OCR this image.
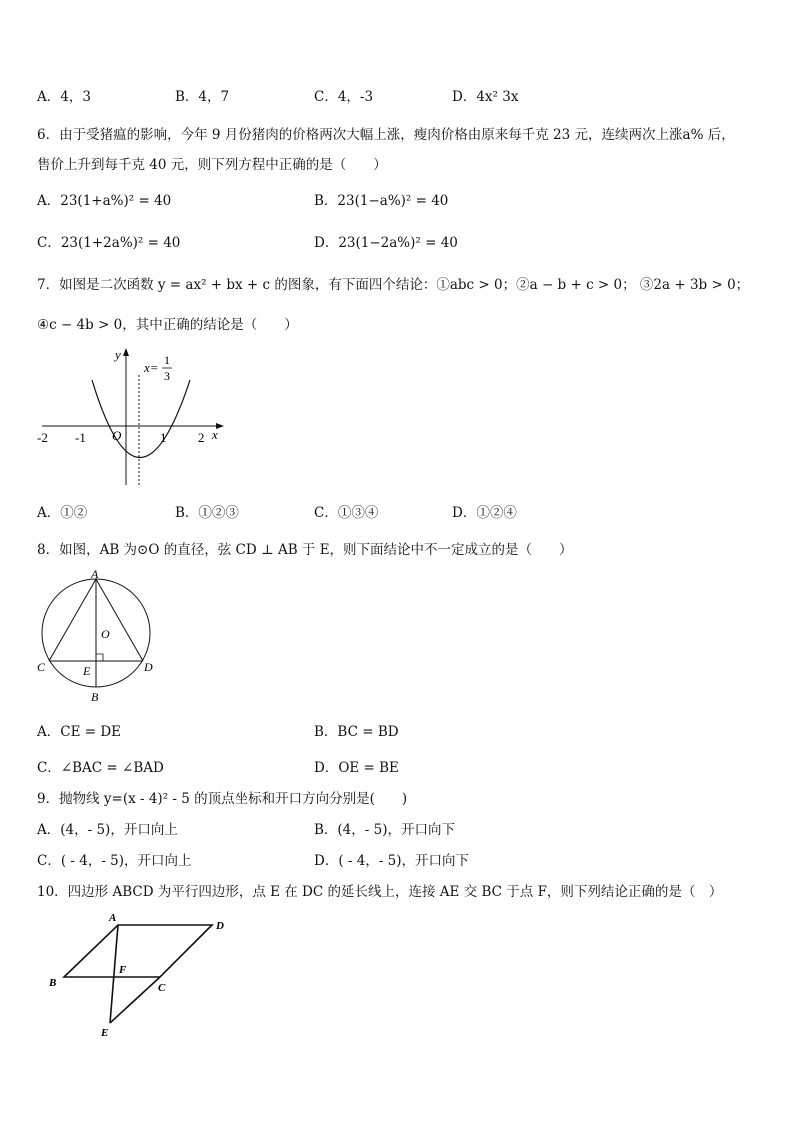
A．4，3	B．4，7	C．4，-3	D．4x² 3x
6．由于受猪瘟的影响，今年 9 月份猪肉的价格两次大幅上涨，瘦肉价格由原来每千克 23 元，连续两次上涨a% 后，
售价上升到每千克 40 元，则下列方程中正确的是（　　）
A．23(1+a%)² = 40	B．23(1−a%)² = 40
C．23(1+2a%)² = 40	D．23(1−2a%)² = 40
7．如图是二次函数 y = ax² + bx + c 的图象，有下面四个结论：①abc > 0；②a − b + c > 0； ③2a + 3b > 0；
④c − 4b > 0，其中正确的结论是（　　）
y
x
O
-2 -1	1 2
x= 1
3
A．①②	B．①②③	C．①③④	D．①②④
8．如图，AB 为⊙O 的直径，弦 CD ⊥ AB 于 E，则下面结论中不一定成立的是（　　）
A
O
C	D
E
B
A．CE = DE	B．BC = BD
C．∠BAC = ∠BAD	D．OE = BE
9．抛物线 y=(x - 4)² - 5 的顶点坐标和开口方向分别是(　　)
A．(4，- 5)，开口向上	B．(4，- 5)，开口向下
C．( - 4，- 5)，开口向上	D．( - 4，- 5)，开口向下
10．四边形 ABCD 为平行四边形，点 E 在 DC 的延长线上，连接 AE 交 BC 于点 F，则下列结论正确的是（　）
A
D
B
F
C
E
